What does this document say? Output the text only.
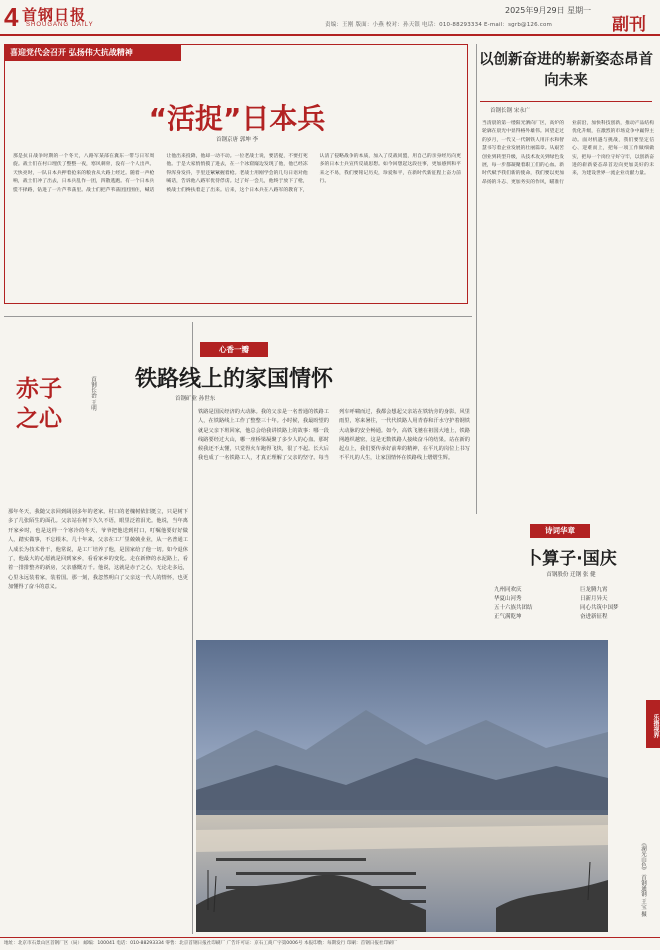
4 首钢日报
SHOUGANG DAILY
2025年9月29日 星期一
责编：王刚 版面：小燕 校对：孙天银 电话：010-88293334 E-mail：sgrb@126.com	副刊
喜迎党代会召开 弘扬伟大抗战精神
“活捉”日本兵
首钢京唐 郭坤 李
那是抗日战争时期的一个冬天，八路军某部在冀东一带与日军周旋。战士们在村口埋伏了整整一夜，寒风刺骨，没有一个人出声。天快亮时，一队日本兵押着抢来的粮食从大路上经过。随着一声枪响，战士们冲了出去，日本兵乱作一团，四散逃跑。有一个日本兵慌不择路，钻进了一片芦苇荡里。战士们把芦苇荡团团围住，喊话让他出来投降，他却一动不动。一位老战士说，要活捉，不要打死他。于是大家悄悄摸了进去，在一个冰窟窿边发现了他，他已经冻得浑身发抖，手里还紧紧握着枪。老战士用刚学会的几句日语对他喊话，告诉他八路军优待俘虏。过了好一会儿，他终于放下了枪，被战士们搀扶着走了出来。后来，这个日本兵在八路军的教育下，认清了侵略战争的本质，加入了反战同盟，用自己的亲身经历向更多的日本士兵宣传反战思想。如今回想起这段往事，更加感到和平来之不易，我们要铭记历史，珍爱和平，在新时代新征程上奋力前行。
以创新奋进的崭新姿态昂首向未来
首钢长钢 宋永广
当清晨的第一缕阳光洒向厂区，高炉的轮廓在晨光中显得格外雄伟。回望走过的岁月，一代又一代钢铁人用汗水和智慧书写着企业发展的壮丽篇章。从艰苦创业到转型升级，从技术攻关到绿色发展，每一步都凝聚着职工们的心血。新时代赋予我们新的使命，我们要以更加昂扬的斗志、更加务实的作风，瞄准行业前沿，加快科技创新，推动产品结构优化升级，在激烈的市场竞争中赢得主动。面对机遇与挑战，我们要坚定信心、迎难而上，把每一项工作做细做实，把每一个岗位守好守牢，以创新奋进的崭新姿态昂首迈向更加美好的未来，为建设世界一流企业贡献力量。
赤子之心
首钢长治 王明
那年冬天，我随父亲回到阔别多年的老家。村口的老槐树依旧挺立，只是树下多了几张陌生的面孔。父亲站在树下久久不语，眼里泛着泪光。他说，当年离开家乡时，也是这样一个寒冷的冬天，爷爷把他送到村口，叮嘱他要好好做人，踏实做事，不忘根本。几十年来，父亲在工厂里兢兢业业，从一名普通工人成长为技术骨干，他常说，是工厂培养了他，是国家给了他一切。如今退休了，他最大的心愿就是回到家乡，看看家乡的变化。走在新修的水泥路上，看着一排排整齐的新房，父亲感慨万千。他说，这就是赤子之心，无论走多远，心里永远装着家，装着国。那一刻，我忽然明白了父亲这一代人的情怀，也更加懂得了奋斗的意义。
心香一瓣
铁路线上的家国情怀
首钢矿业 孙世东
铁路是国民经济的大动脉。我的父亲是一名普通的铁路工人，在铁路线上工作了整整三十年。小时候，我最盼望的就是父亲下班回家，他总会给我讲铁路上的故事：哪一段线路要经过大山，哪一座桥梁凝聚了多少人的心血。那时候我还不太懂，只觉得火车跑得飞快，很了不起。长大后我也成了一名铁路工人，才真正理解了父亲的坚守。每当列车呼啸而过，我都会想起父亲站在铁轨旁的身影。风里雨里，寒来暑往，一代代铁路人用青春和汗水守护着钢铁大动脉的安全畅通。如今，高铁飞驰在祖国大地上，铁路网越织越密，这是无数铁路人接续奋斗的结果。站在新的起点上，我们要传承好前辈的精神，在平凡的岗位上书写不平凡的人生，让家国情怀在铁路线上熠熠生辉。
诗词华章
卜算子·国庆
首钢股份 迁钢 张 健
九州同欢庆
华夏山河秀
五十六族共团结
正气满乾坤
巨龙腾九霄
日新月异天
同心共筑中国梦
奋进新征程
乐摄视界
《湖光山色》 首钢通钢 王宝 摄
地址：北京市石景山区首钢厂区（局） 邮编：100041 电话：010-88293334 零售：北京首钢日报社印刷厂 广告许可证：京石工商广字第0006号 本报印数：每期发行 印刷：首钢日报社印刷厂
